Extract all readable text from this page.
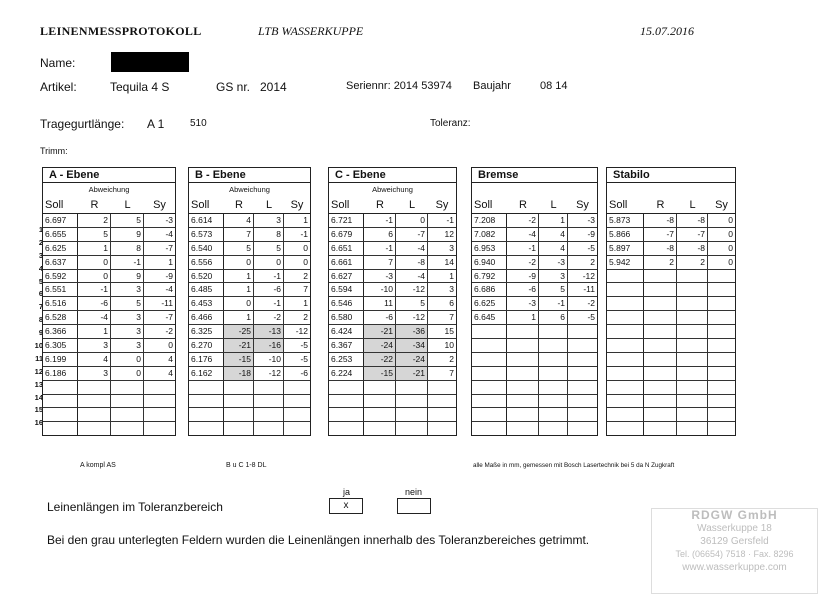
LEINENMESSPROTOKOLL	LTB WASSERKUPPE	15.07.2016
Name:
Artikel:	Tequila 4 S	GS nr. 2014	Seriennr: 2014 53974 Baujahr	08 14
Tragegurtlänge: A 1	510	Toleranz:
Trimm:
1
2
3
4
5
6
7
8
9
10
11
12
13
14
15
16
A - Ebene
Abweichung
Soll	R	L	Sy
6.697	2	5	-3
6.655	5	9	-4
6.625	1	8	-7
6.637	0	-1	1
6.592	0	9	-9
6.551	-1	3	-4
6.516	-6	5	-11
6.528	-4	3	-7
6.366	1	3	-2
6.305	3	3	0
6.199	4	0	4
6.186	3	0	4
B - Ebene
Abweichung
Soll	R	L	Sy
6.614	4	3	1
6.573	7	8	-1
6.540	5	5	0
6.556	0	0	0
6.520	1	-1	2
6.485	1	-6	7
6.453	0	-1	1
6.466	1	-2	2
6.325	-25	-13	-12
6.270	-21	-16	-5
6.176	-15	-10	-5
6.162	-18	-12	-6
C - Ebene
Abweichung
Soll	R	L	Sy
6.721	-1	0	-1
6.679	6	-7	12
6.651	-1	-4	3
6.661	7	-8	14
6.627	-3	-4	1
6.594	-10	-12	3
6.546	11	5	6
6.580	-6	-12	7
6.424	-21	-36	15
6.367	-24	-34	10
6.253	-22	-24	2
6.224	-15	-21	7
Bremse
Soll	R	L	Sy
7.208	-2	1	-3
7.082	-4	4	-9
6.953	-1	4	-5
6.940	-2	-3	2
6.792	-9	3	-12
6.686	-6	5	-11
6.625	-3	-1	-2
6.645	1	6	-5
Stabilo
Soll	R	L	Sy
5.873	-8	-8	0
5.866	-7	-7	0
5.897	-8	-8	0
5.942	2	2	0
A kompl AS	B u C 1-8 DL	alle Maße in mm, gemessen mit Bosch Lasertechnik bei 5 da N Zugkraft
ja	nein
Leinenlängen im Toleranzbereich	x
Bei den grau unterlegten Feldern wurden die Leinenlängen innerhalb des Toleranzbereiches getrimmt.
RDGW GmbH
Wasserkuppe 18
36129 Gersfeld
Tel. (06654) 7518 · Fax. 8296
www.wasserkuppe.com
